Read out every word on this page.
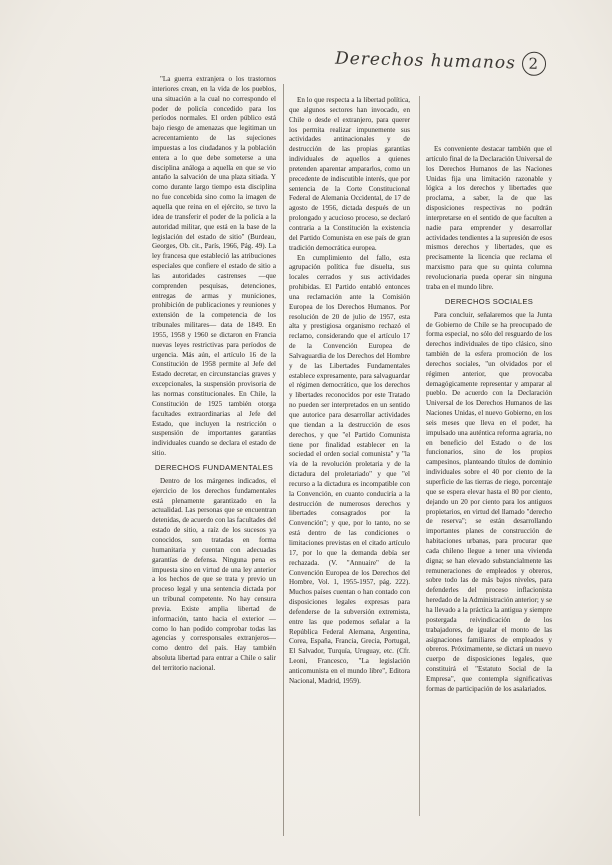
Derechos humanos 2

"La guerra extranjera o los trastornos interiores crean, en la vida de los pueblos, una situación a la cual no correspondo el poder de policía concedido para los períodos normales. El orden público está bajo riesgo de amenazas que legitiman un acrecentamiento de las sujeciones impuestas a los ciudadanos y la población entera a lo que debe someterse a una disciplina análoga a aquella en que se vio antaño la salvación de una plaza sitiada. Y como durante largo tiempo esta disciplina no fue concebida sino como la imagen de aquella que reina en el ejército, se tuvo la idea de transferir el poder de la policía a la autoridad militar, que está en la base de la legislación del estado de sitio" (Burdeau, Georges, Ob. cit., París, 1966, Pág. 49). La ley francesa que estableció las atribuciones especiales que confiere el estado de sitio a las autoridades castrenses —que comprenden pesquisas, detenciones, entregas de armas y municiones, prohibición de publicaciones y reuniones y extensión de la competencia de los tribunales militares— data de 1849. En 1955, 1958 y 1960 se dictaron en Francia nuevas leyes restrictivas para períodos de urgencia. Más aún, el artículo 16 de la Constitución de 1958 permite al Jefe del Estado decretar, en circunstancias graves y excepcionales, la suspensión provisoria de las normas constitucionales. En Chile, la Constitución de 1925 también otorga facultades extraordinarias al Jefe del Estado, que incluyen la restricción o suspensión de importantes garantías individuales cuando se declara el estado de sitio.

DERECHOS FUNDAMENTALES

Dentro de los márgenes indicados, el ejercicio de los derechos fundamentales está plenamente garantizado en la actualidad. Las personas que se encuentran detenidas, de acuerdo con las facultades del estado de sitio, a raíz de los sucesos ya conocidos, son tratadas en forma humanitaria y cuentan con adecuadas garantías de defensa. Ninguna pena es impuesta sino en virtud de una ley anterior a los hechos de que se trata y previo un proceso legal y una sentencia dictada por un tribunal competente. No hay censura previa. Existe amplia libertad de información, tanto hacia el exterior —como lo han podido comprobar todas las agencias y corresponsales extranjeros— como dentro del país. Hay también absoluta libertad para entrar a Chile o salir del territorio nacional.

En lo que respecta a la libertad política, que algunos sectores han invocado, en Chile o desde el extranjero, para querer los permita realizar impunemente sus actividades antinacionales y de destrucción de las propias garantías individuales de aquellos a quienes pretenden aparentar ampararlos, como un precedente de indiscutible interés, que por sentencia de la Corte Constitucional Federal de Alemania Occidental, de 17 de agosto de 1956, dictada después de un prolongado y acucioso proceso, se declaró contraria a la Constitución la existencia del Partido Comunista en ese país de gran tradición democrática europea.

En cumplimiento del fallo, esta agrupación política fue disuelta, sus locales cerrados y sus actividades prohibidas. El Partido entabló entonces una reclamación ante la Comisión Europea de los Derechos Humanos. Por resolución de 20 de julio de 1957, esta alta y prestigiosa organismo rechazó el reclamo, considerando que el artículo 17 de la Convención Europea de Salvaguardia de los Derechos del Hombre y de las Libertades Fundamentales establece expresamente, para salvaguardar el régimen democrático, que los derechos y libertades reconocidos por este Tratado no pueden ser interpretados en un sentido que autorice para desarrollar actividades que tiendan a la destrucción de esos derechos, y que "el Partido Comunista tiene por finalidad establecer en la sociedad el orden social comunista" y "la vía de la revolución proletaria y de la dictadura del proletariado" y que "el recurso a la dictadura es incompatible con la Convención, en cuanto conduciría a la destrucción de numerosos derechos y libertades consagrados por la Convención"; y que, por lo tanto, no se está dentro de las condiciones o limitaciones previstas en el citado artículo 17, por lo que la demanda debía ser rechazada. (V. "Annuaire" de la Convención Europea de los Derechos del Hombre, Vol. 1, 1955-1957, pág. 222). Muchos países cuentan o han contado con disposiciones legales expresas para defenderse de la subversión extremista, entre las que podemos señalar a la República Federal Alemana, Argentina, Corea, España, Francia, Grecia, Portugal, El Salvador, Turquía, Uruguay, etc. (Cfr. Leoni, Francesco, "La legislación anticomunista en el mundo libre", Editora Nacional, Madrid, 1959).

Es conveniente destacar también que el artículo final de la Declaración Universal de los Derechos Humanos de las Naciones Unidas fija una limitación razonable y lógica a los derechos y libertades que proclama, a saber, la de que las disposiciones respectivas no podrán interpretarse en el sentido de que faculten a nadie para emprender y desarrollar actividades tendientes a la supresión de esos mismos derechos y libertades, que es precisamente la licencia que reclama el marxismo para que su quinta columna revolucionaria pueda operar sin ninguna traba en el mundo libre.

DERECHOS SOCIALES

Para concluir, señalaremos que la Junta de Gobierno de Chile se ha preocupado de forma especial, no sólo del resguardo de los derechos individuales de tipo clásico, sino también de la esfera promoción de los derechos sociales, "un olvidados por el régimen anterior, que provocaba demagógicamente representar y amparar al pueblo. De acuerdo con la Declaración Universal de los Derechos Humanos de las Naciones Unidas, el nuevo Gobierno, en los seis meses que lleva en el poder, ha impulsado una auténtica reforma agraria, no en beneficio del Estado o de los funcionarios, sino de los propios campesinos, planteando títulos de dominio individuales sobre el 40 por ciento de la superficie de las tierras de riego, porcentaje que se espera elevar hasta el 80 por ciento, dejando un 20 por ciento para los antiguos propietarios, en virtud del llamado "derecho de reserva"; se están desarrollando importantes planes de construcción de habitaciones urbanas, para procurar que cada chileno llegue a tener una vivienda digna; se han elevado substancialmente las remuneraciones de empleados y obreros, sobre todo las de más bajos niveles, para defenderles del proceso inflacionista heredado de la Administración anterior; y se ha llevado a la práctica la antigua y siempre postergada reivindicación de los trabajadores, de igualar el monto de las asignaciones familiares de empleados y obreros. Próximamente, se dictará un nuevo cuerpo de disposiciones legales, que constituirá el "Estatuto Social de la Empresa", que contempla significativas formas de participación de los asalariados.
